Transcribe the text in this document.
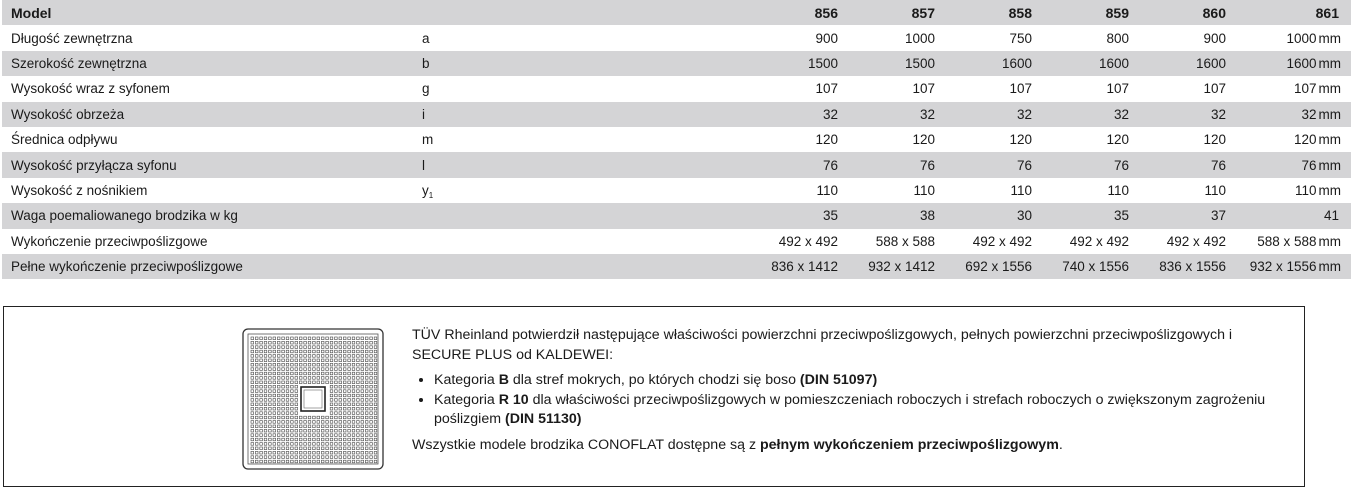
Model		856	857	858	859	860	861
Długość zewnętrzna	a	900	1000	750	800	900	1000 mm
Szerokość zewnętrzna	b	1500	1500	1600	1600	1600	1600 mm
Wysokość wraz z syfonem	g	107	107	107	107	107	107 mm
Wysokość obrzeża	i	32	32	32	32	32	32 mm
Średnica odpływu	m	120	120	120	120	120	120 mm
Wysokość przyłącza syfonu	l	76	76	76	76	76	76 mm
Wysokość z nośnikiem	$y_1$	110	110	110	110	110	110 mm
Waga poemaliowanego brodzika w kg		35	38	30	35	37	41
Wykończenie przeciwpoślizgowe		492 x 492	588 x 588	492 x 492	492 x 492	492 x 492	588 x 588 mm
Pełne wykończenie przeciwpoślizgowe		836 x 1412	932 x 1412	692 x 1556	740 x 1556	836 x 1556	932 x 1556 mm

TÜV Rheinland potwierdził następujące właściwości powierzchni przeciwpoślizgowych, pełnych powierzchni przeciwpoślizgowych i SECURE PLUS od KALDEWEI:

• Kategoria B dla stref mokrych, po których chodzi się boso (DIN 51097)
• Kategoria R 10 dla właściwości przeciwpoślizgowych w pomieszczeniach roboczych i strefach roboczych o zwiększonym zagrożeniu poślizgiem (DIN 51130)

Wszystkie modele brodzika CONOFLAT dostępne są z pełnym wykończeniem przeciwpoślizgowym.
